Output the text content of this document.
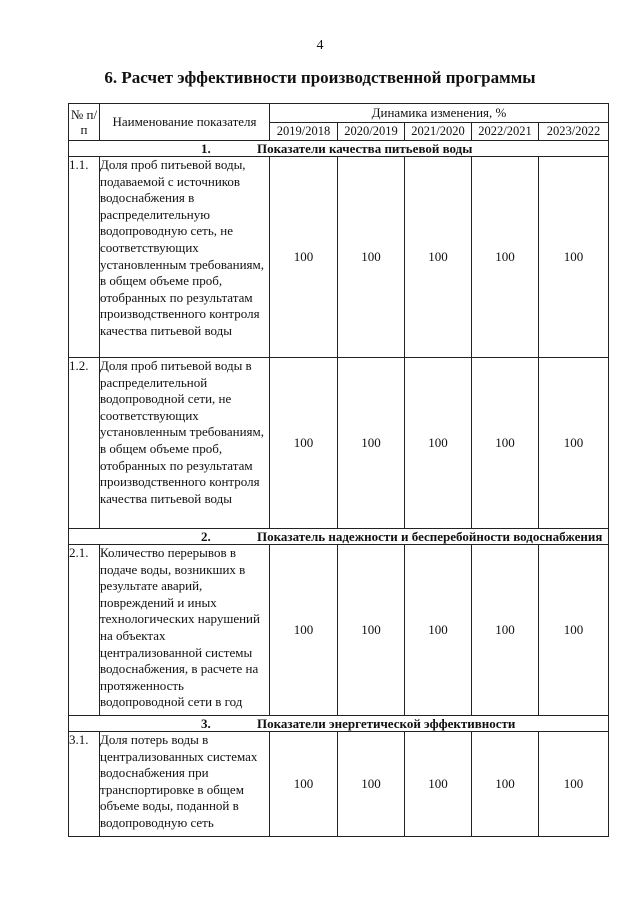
4
6. Расчет эффективности производственной программы
№ п/п	Наименование показателя	Динамика изменения, %				
		2019/2018	2020/2019	2021/2020	2022/2021	2023/2022
1. Показатели качества питьевой воды						
1.1.	Доля проб питьевой воды, подаваемой с источников водоснабжения в распределительную водопроводную сеть, не соответствующих установленным требованиям, в общем объеме проб, отобранных по результатам производственного контроля качества питьевой воды	100	100	100	100	100
1.2.	Доля проб питьевой воды в распределительной водопроводной сети, не соответствующих установленным требованиям, в общем объеме проб, отобранных по результатам производственного контроля качества питьевой воды	100	100	100	100	100
2. Показатель надежности и бесперебойности водоснабжения						
2.1.	Количество перерывов в подаче воды, возникших в результате аварий, повреждений и иных технологических нарушений на объектах централизованной системы водоснабжения, в расчете на протяженность водопроводной сети в год	100	100	100	100	100
3. Показатели энергетической эффективности						
3.1.	Доля потерь воды в централизованных системах водоснабжения при транспортировке в общем объеме воды, поданной в водопроводную сеть	100	100	100	100	100
